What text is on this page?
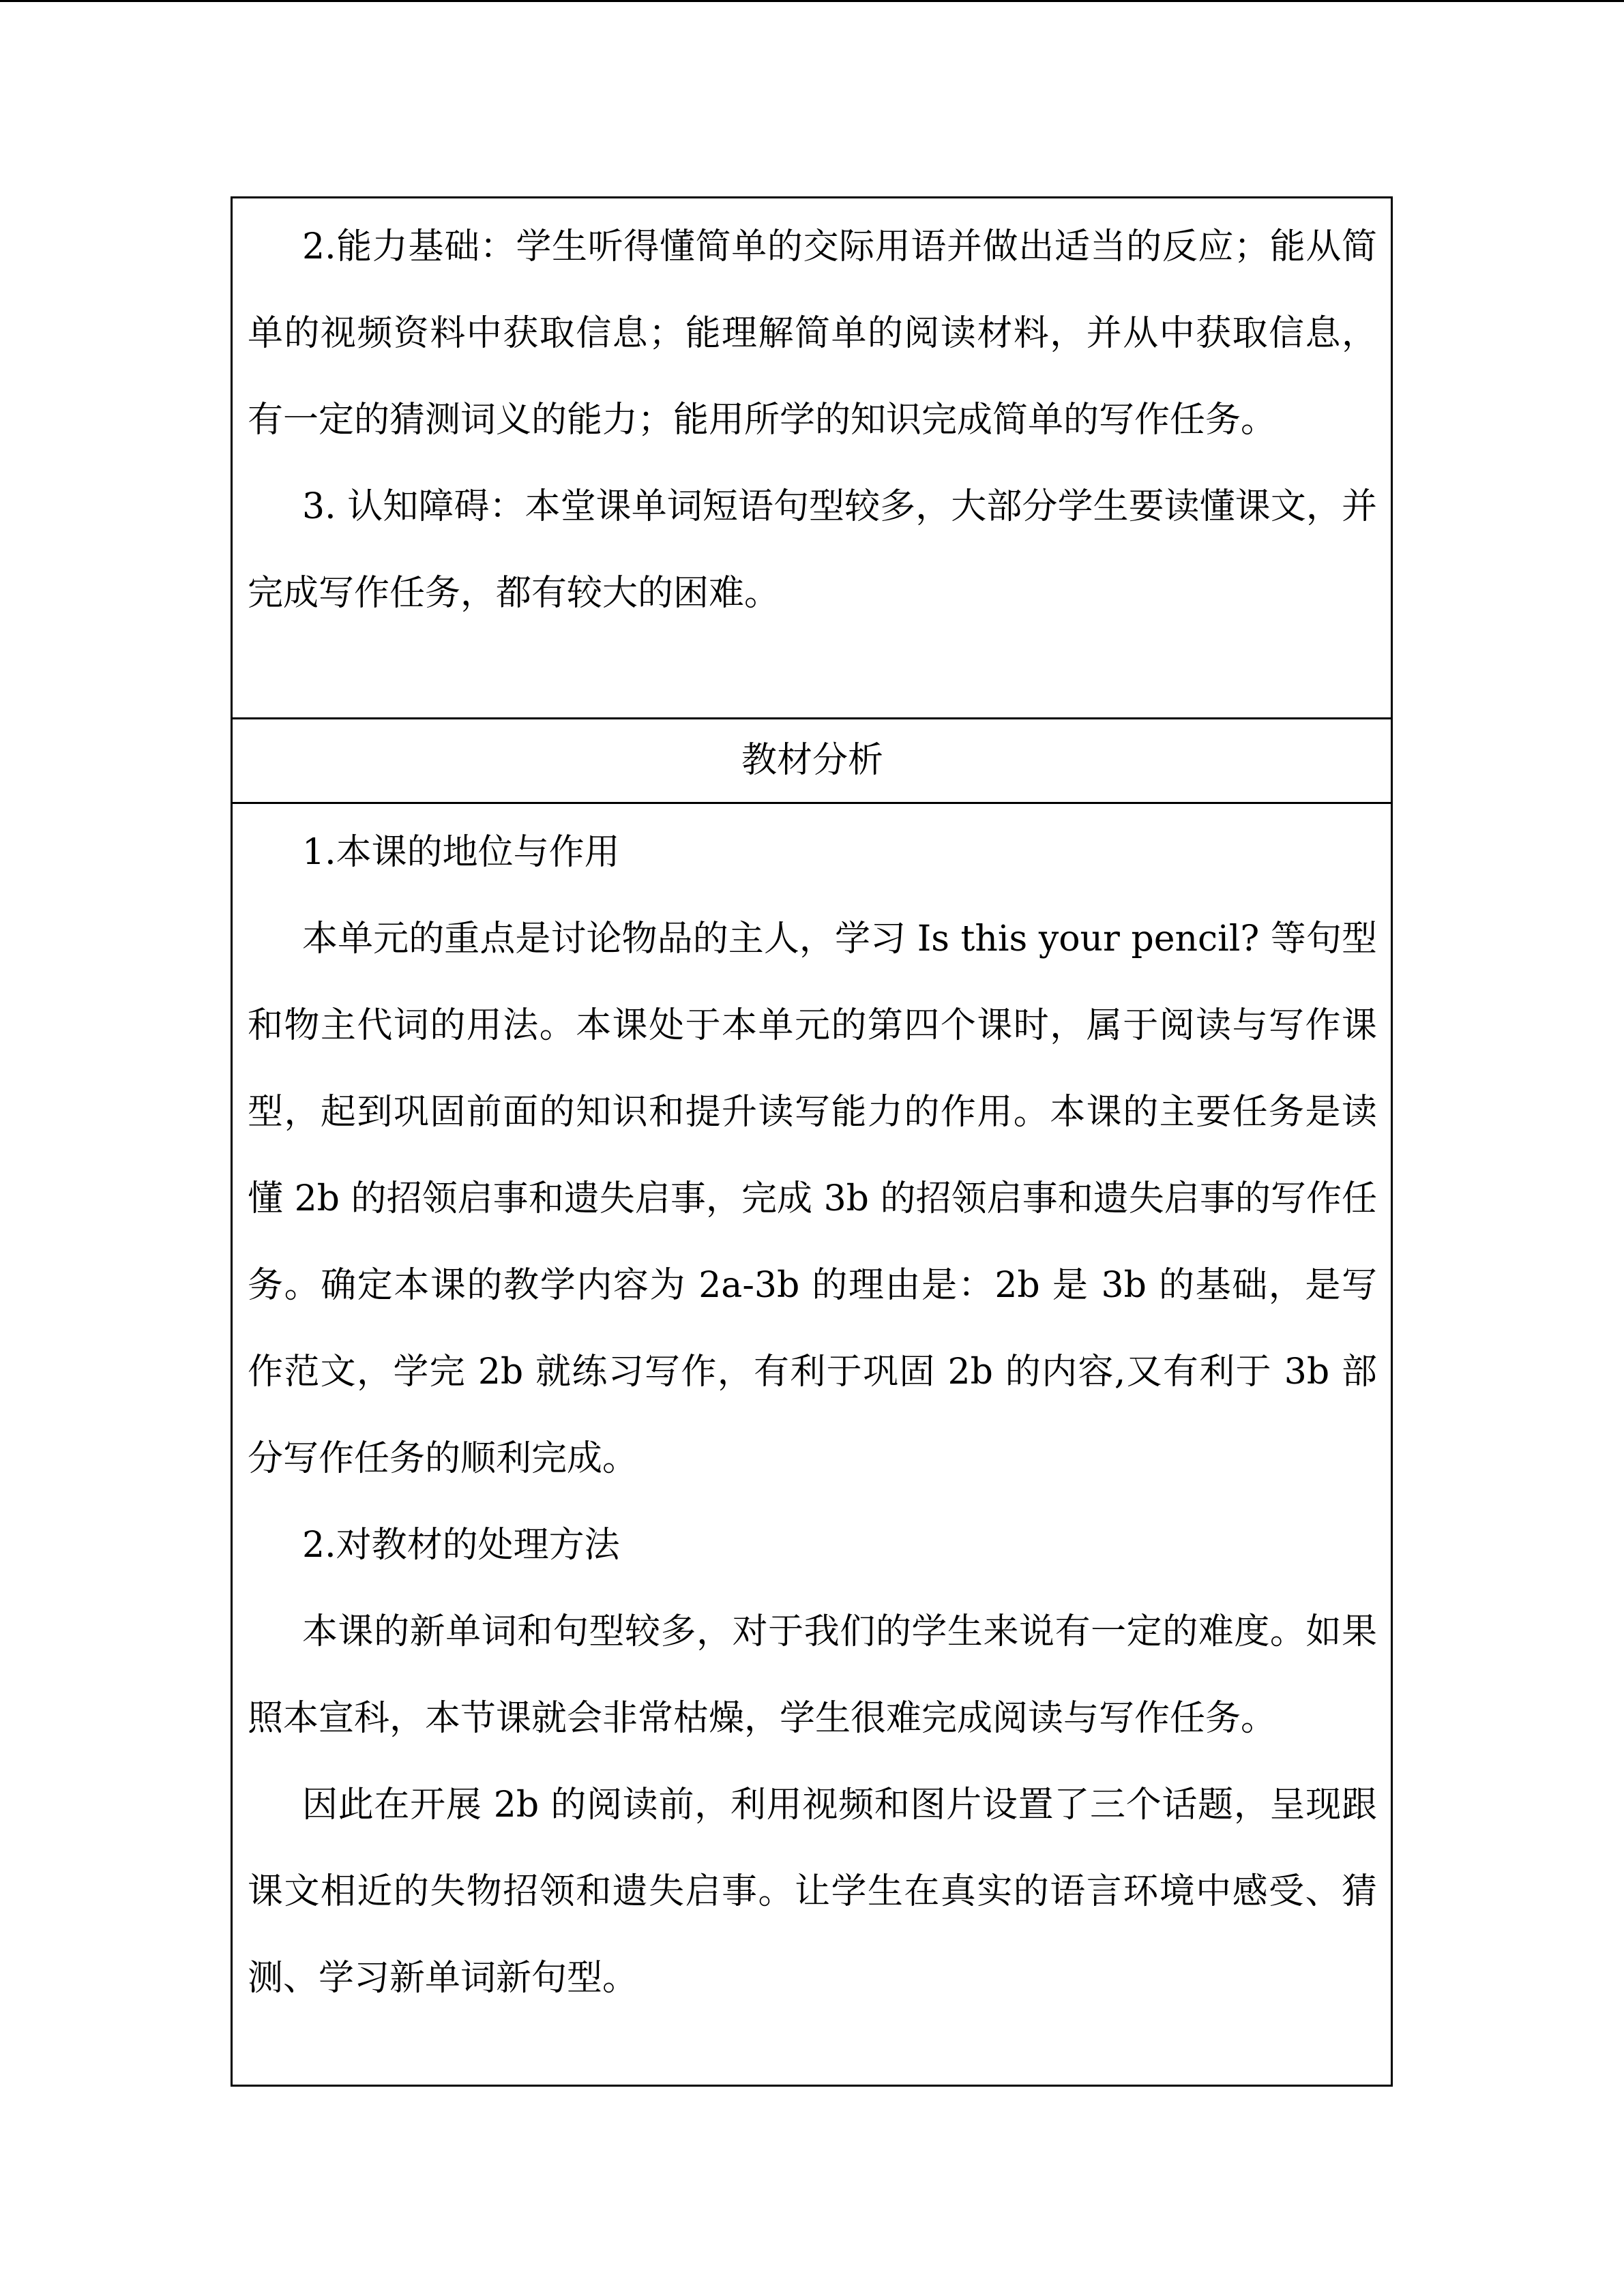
2.能力基础：学生听得懂简单的交际用语并做出适当的反应；能从简单的视频资料中获取信息；能理解简单的阅读材料，并从中获取信息，有一定的猜测词义的能力；能用所学的知识完成简单的写作任务。

3. 认知障碍：本堂课单词短语句型较多，大部分学生要读懂课文，并完成写作任务，都有较大的困难。

教材分析

1.本课的地位与作用

本单元的重点是讨论物品的主人，学习 Is this your pencil? 等句型和物主代词的用法。本课处于本单元的第四个课时，属于阅读与写作课型，起到巩固前面的知识和提升读写能力的作用。本课的主要任务是读懂 2b 的招领启事和遗失启事，完成 3b 的招领启事和遗失启事的写作任务。确定本课的教学内容为 2a-3b 的理由是：2b 是 3b 的基础，是写作范文，学完 2b 就练习写作，有利于巩固 2b 的内容,又有利于 3b 部分写作任务的顺利完成。

2.对教材的处理方法

本课的新单词和句型较多，对于我们的学生来说有一定的难度。如果照本宣科，本节课就会非常枯燥，学生很难完成阅读与写作任务。

因此在开展 2b 的阅读前，利用视频和图片设置了三个话题，呈现跟课文相近的失物招领和遗失启事。让学生在真实的语言环境中感受、猜测、学习新单词新句型。
